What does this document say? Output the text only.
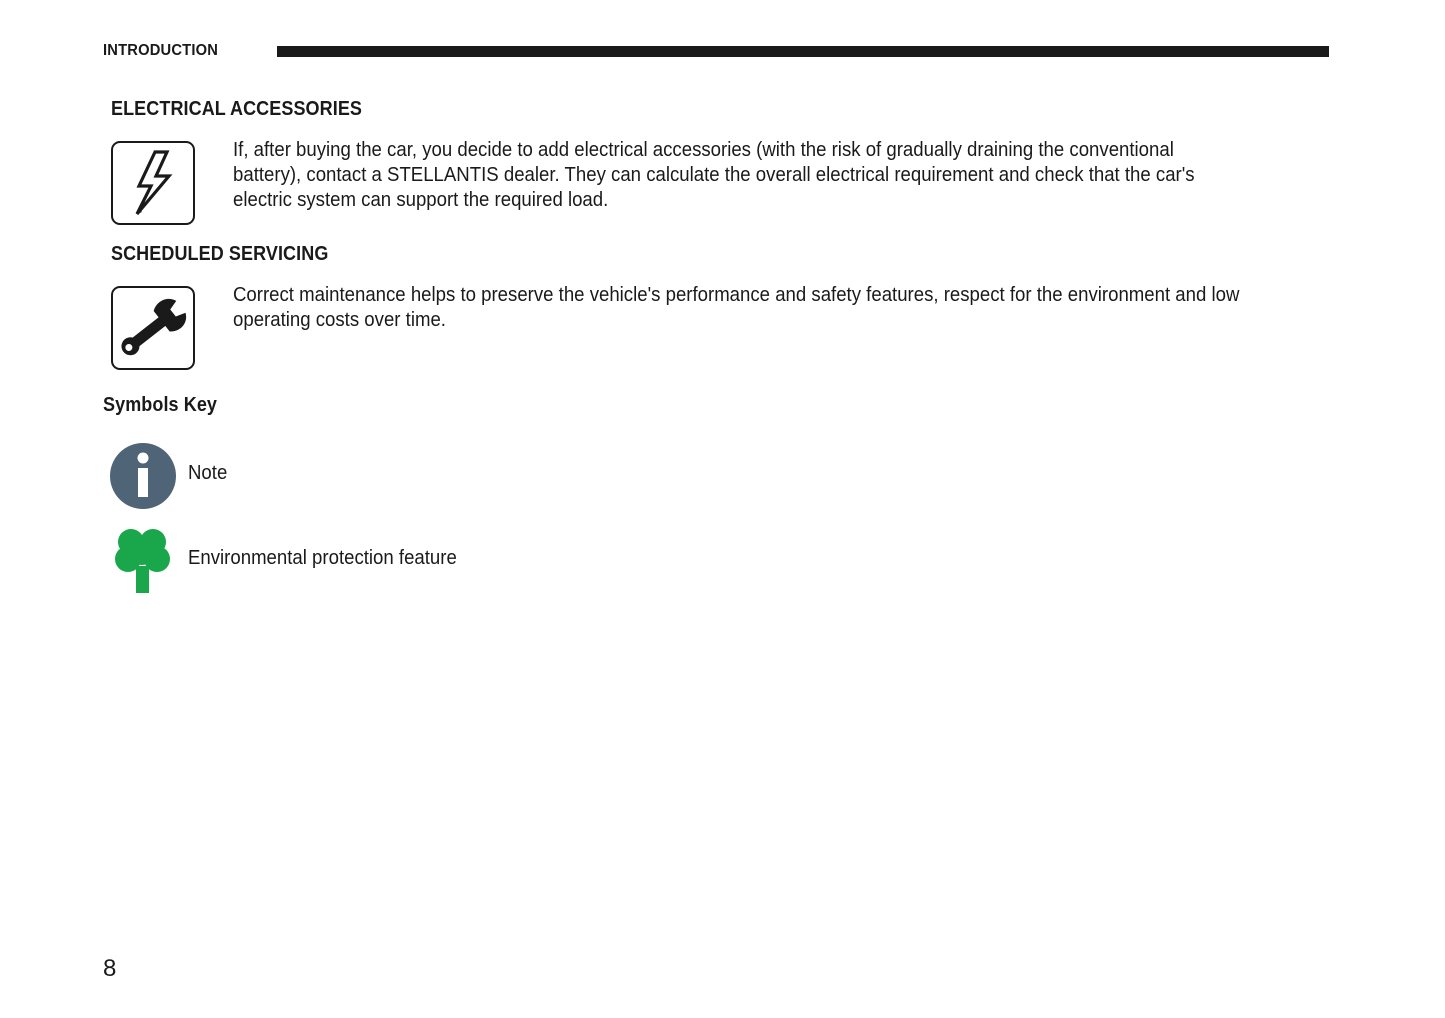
INTRODUCTION
ELECTRICAL ACCESSORIES
If, after buying the car, you decide to add electrical accessories (with the risk of gradually draining the conventional battery), contact a STELLANTIS dealer. They can calculate the overall electrical requirement and check that the car's electric system can support the required load.
SCHEDULED SERVICING
Correct maintenance helps to preserve the vehicle's performance and safety features, respect for the environment and low operating costs over time.
Symbols Key
Note
Environmental protection feature
8
